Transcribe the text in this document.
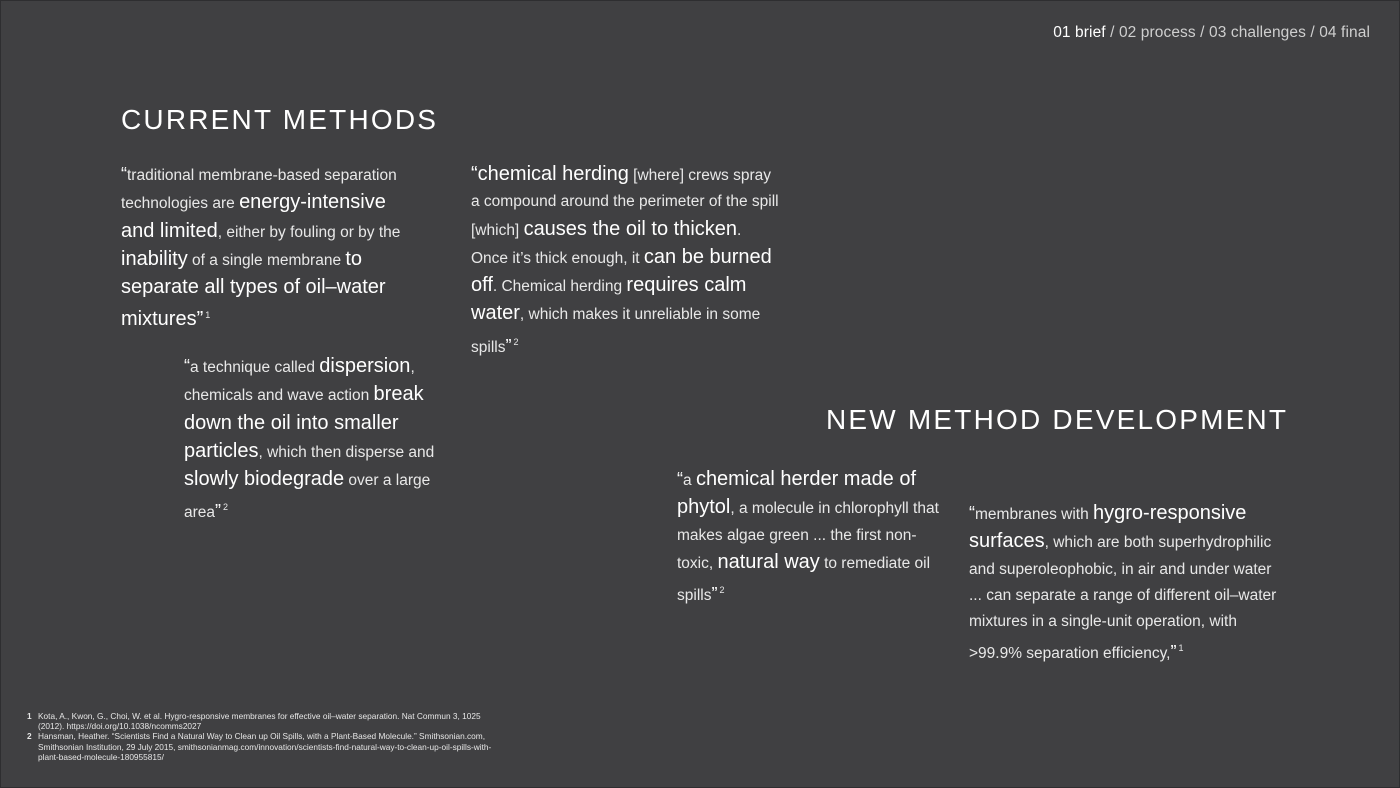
01 brief / 02 process / 03 challenges / 04 final
CURRENT METHODS
NEW METHOD DEVELOPMENT

“traditional membrane-based separation technologies are energy-intensive and limited, either by fouling or by the inability of a single membrane to separate all types of oil–water mixtures” $^1$

“chemical herding [where] crews spray a compound around the perimeter of the spill [which] causes the oil to thicken. Once it’s thick enough, it can be burned off. Chemical herding requires calm water, which makes it unreliable in some spills” $^2$

“a technique called dispersion, chemicals and wave action break down the oil into smaller particles, which then disperse and slowly biodegrade over a large area” $^2$

“a chemical herder made of phytol, a molecule in chlorophyll that makes algae green ... the first non-toxic, natural way to remediate oil spills” $^2$

“membranes with hygro-responsive surfaces, which are both superhydrophilic and superoleophobic, in air and under water ... can separate a range of different oil–water mixtures in a single-unit operation, with >99.9% separation efficiency,” $^1$

1 Kota, A., Kwon, G., Choi, W. et al. Hygro-responsive membranes for effective oil–water separation. Nat Commun 3, 1025 (2012). https://doi.org/10.1038/ncomms2027

2 Hansman, Heather. “Scientists Find a Natural Way to Clean up Oil Spills, with a Plant-Based Molecule.” Smithsonian.com, Smithsonian Institution, 29 July 2015, smithsonianmag.com/innovation/scientists-find-natural-way-to-clean-up-oil-spills-with-plant-based-molecule-180955815/
